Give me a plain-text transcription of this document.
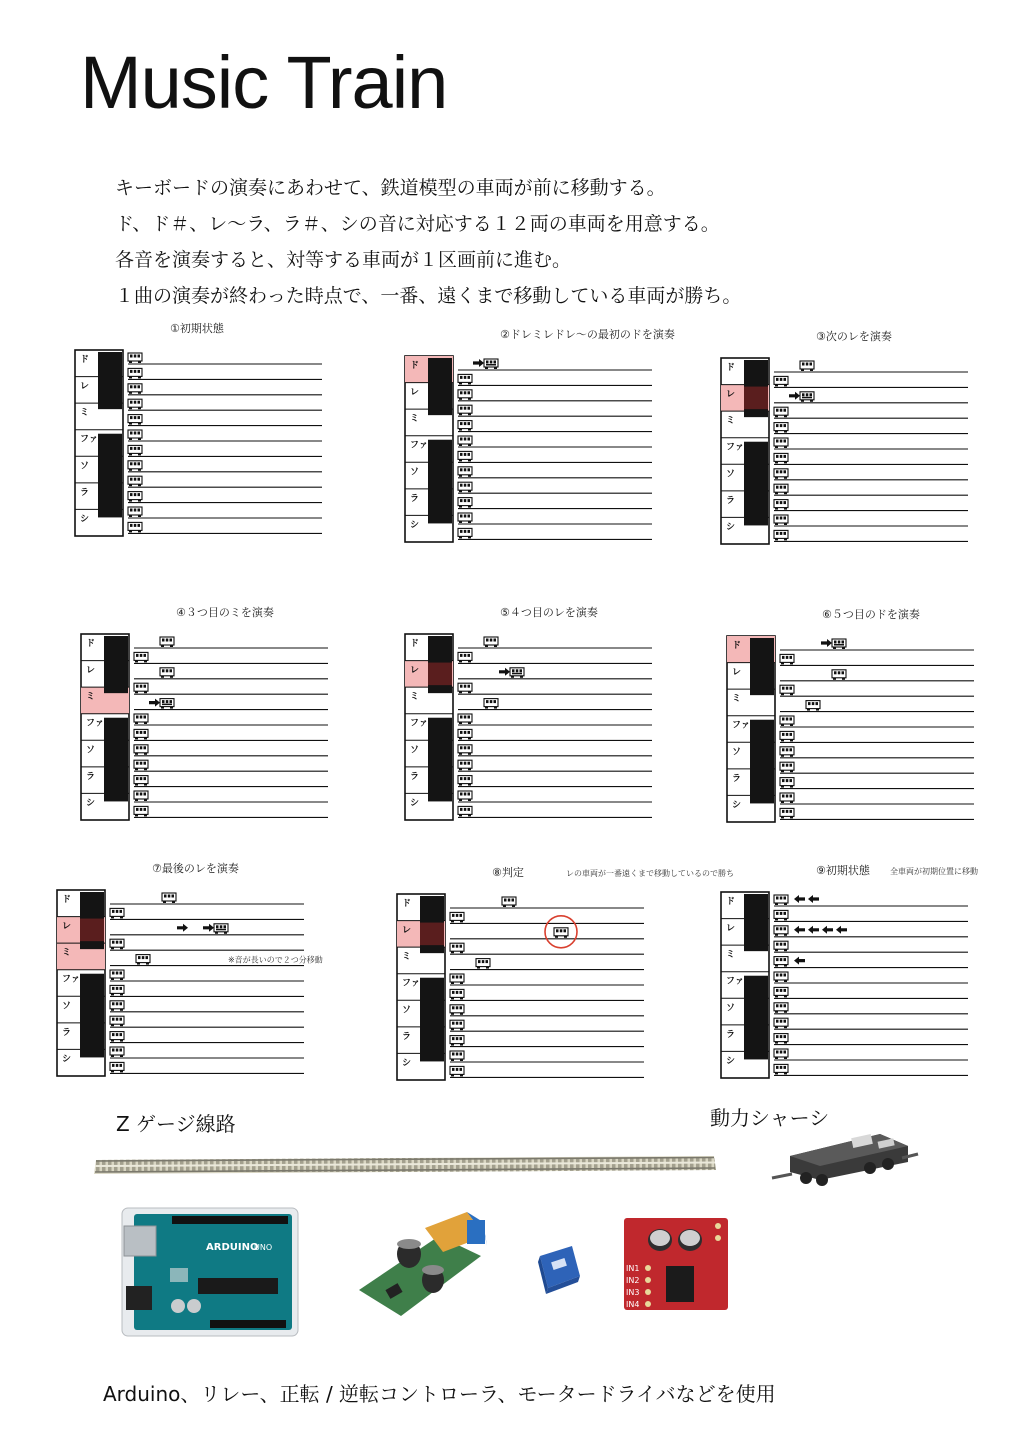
Music Train

キーボードの演奏にあわせて、鉄道模型の車両が前に移動する。

ド、ド＃、レ〜ラ、ラ＃、シの音に対応する１２両の車両を用意する。

各音を演奏すると、対等する車両が１区画前に進む。

１曲の演奏が終わった時点で、一番、遠くまで移動している車両が勝ち。

①初期状態
ド
レ
ミ
ファ
ソ
ラ
シ
②ドレミレドレ〜の最初のドを演奏
ド
レ
ミ
ファ
ソ
ラ
シ
③次のレを演奏
ド
レ
ミ
ファ
ソ
ラ
シ
④３つ目のミを演奏
ド
レ
ミ
ファ
ソ
ラ
シ
⑤４つ目のレを演奏
ド
レ
ミ
ファ
ソ
ラ
シ
⑥５つ目のドを演奏
ド
レ
ミ
ファ
ソ
ラ
シ
⑦最後のレを演奏
※音が長いので２つ分移動
ド
レ
ミ
ファ
ソ
ラ
シ
⑧判定	レの車両が一番遠くまで移動しているので勝ち
ド
レ
ミ
ファ
ソ
ラ
シ
⑨初期状態	全車両が初期位置に移動
ド
レ
ミ
ファ
ソ
ラ
シ
Z ゲージ線路	動力シャーシ
ARDUINO
UNO
IN1
IN2
IN3
IN4
Arduino、リレー、正転 / 逆転コントローラ、モータードライバなどを使用
